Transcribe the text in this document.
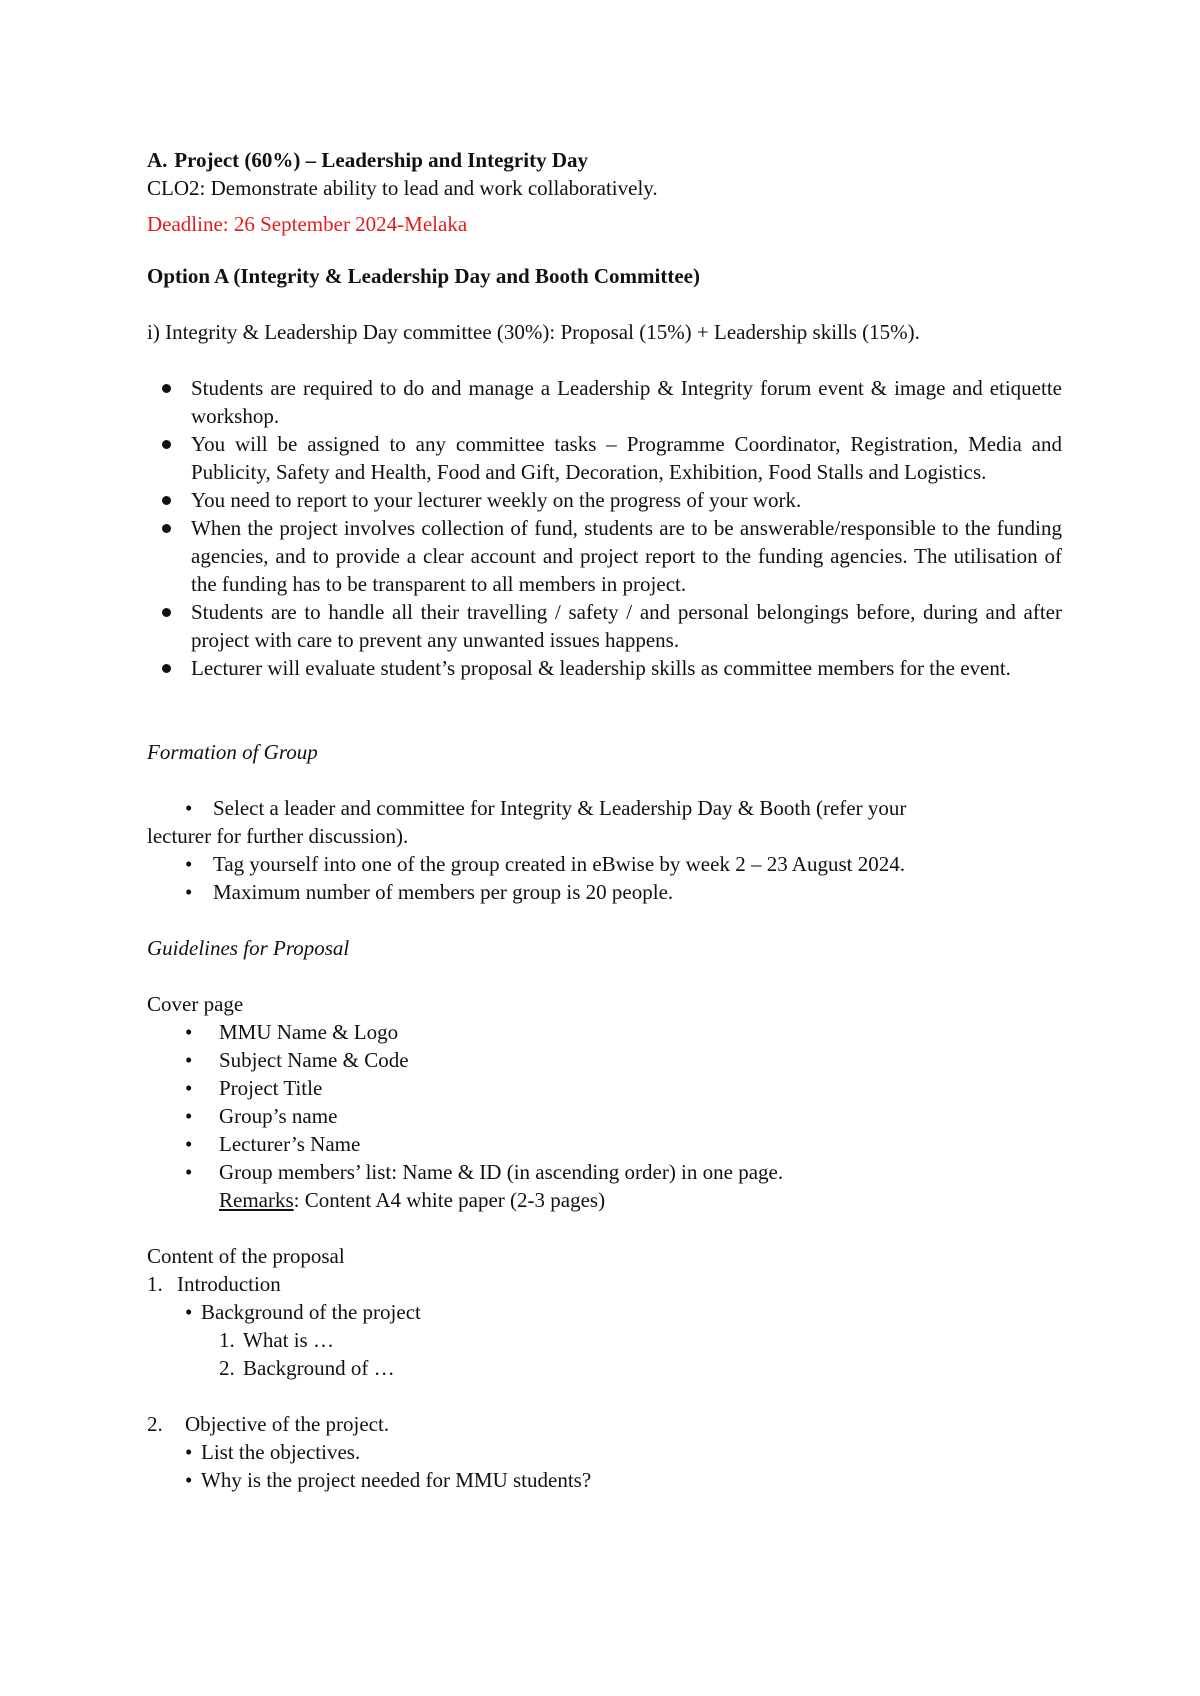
A. Project (60%) – Leadership and Integrity Day

CLO2: Demonstrate ability to lead and work collaboratively.

Deadline: 26 September 2024-Melaka

Option A (Integrity & Leadership Day and Booth Committee)

i) Integrity & Leadership Day committee (30%): Proposal (15%) + Leadership skills (15%).

Students are required to do and manage a Leadership & Integrity forum event & image and etiquette workshop.
You will be assigned to any committee tasks – Programme Coordinator, Registration, Media and Publicity, Safety and Health, Food and Gift, Decoration, Exhibition, Food Stalls and Logistics.
You need to report to your lecturer weekly on the progress of your work.
When the project involves collection of fund, students are to be answerable/responsible to the funding agencies, and to provide a clear account and project report to the funding agencies. The utilisation of the funding has to be transparent to all members in project.
Students are to handle all their travelling / safety / and personal belongings before, during and after project with care to prevent any unwanted issues happens.
Lecturer will evaluate student’s proposal & leadership skills as committee members for the event.

Formation of Group

• Select a leader and committee for Integrity & Leadership Day & Booth (refer your

lecturer for further discussion).

• Tag yourself into one of the group created in eBwise by week 2 – 23 August 2024.

• Maximum number of members per group is 20 people.

Guidelines for Proposal

Cover page

• MMU Name & Logo
• Subject Name & Code
• Project Title
• Group’s name
• Lecturer’s Name
• Group members’ list: Name & ID (in ascending order) in one page.

Remarks: Content A4 white paper (2-3 pages)

Content of the proposal

1. Introduction

• Background of the project

1. What is …

2. Background of …

2. Objective of the project.

• List the objectives.

• Why is the project needed for MMU students?
